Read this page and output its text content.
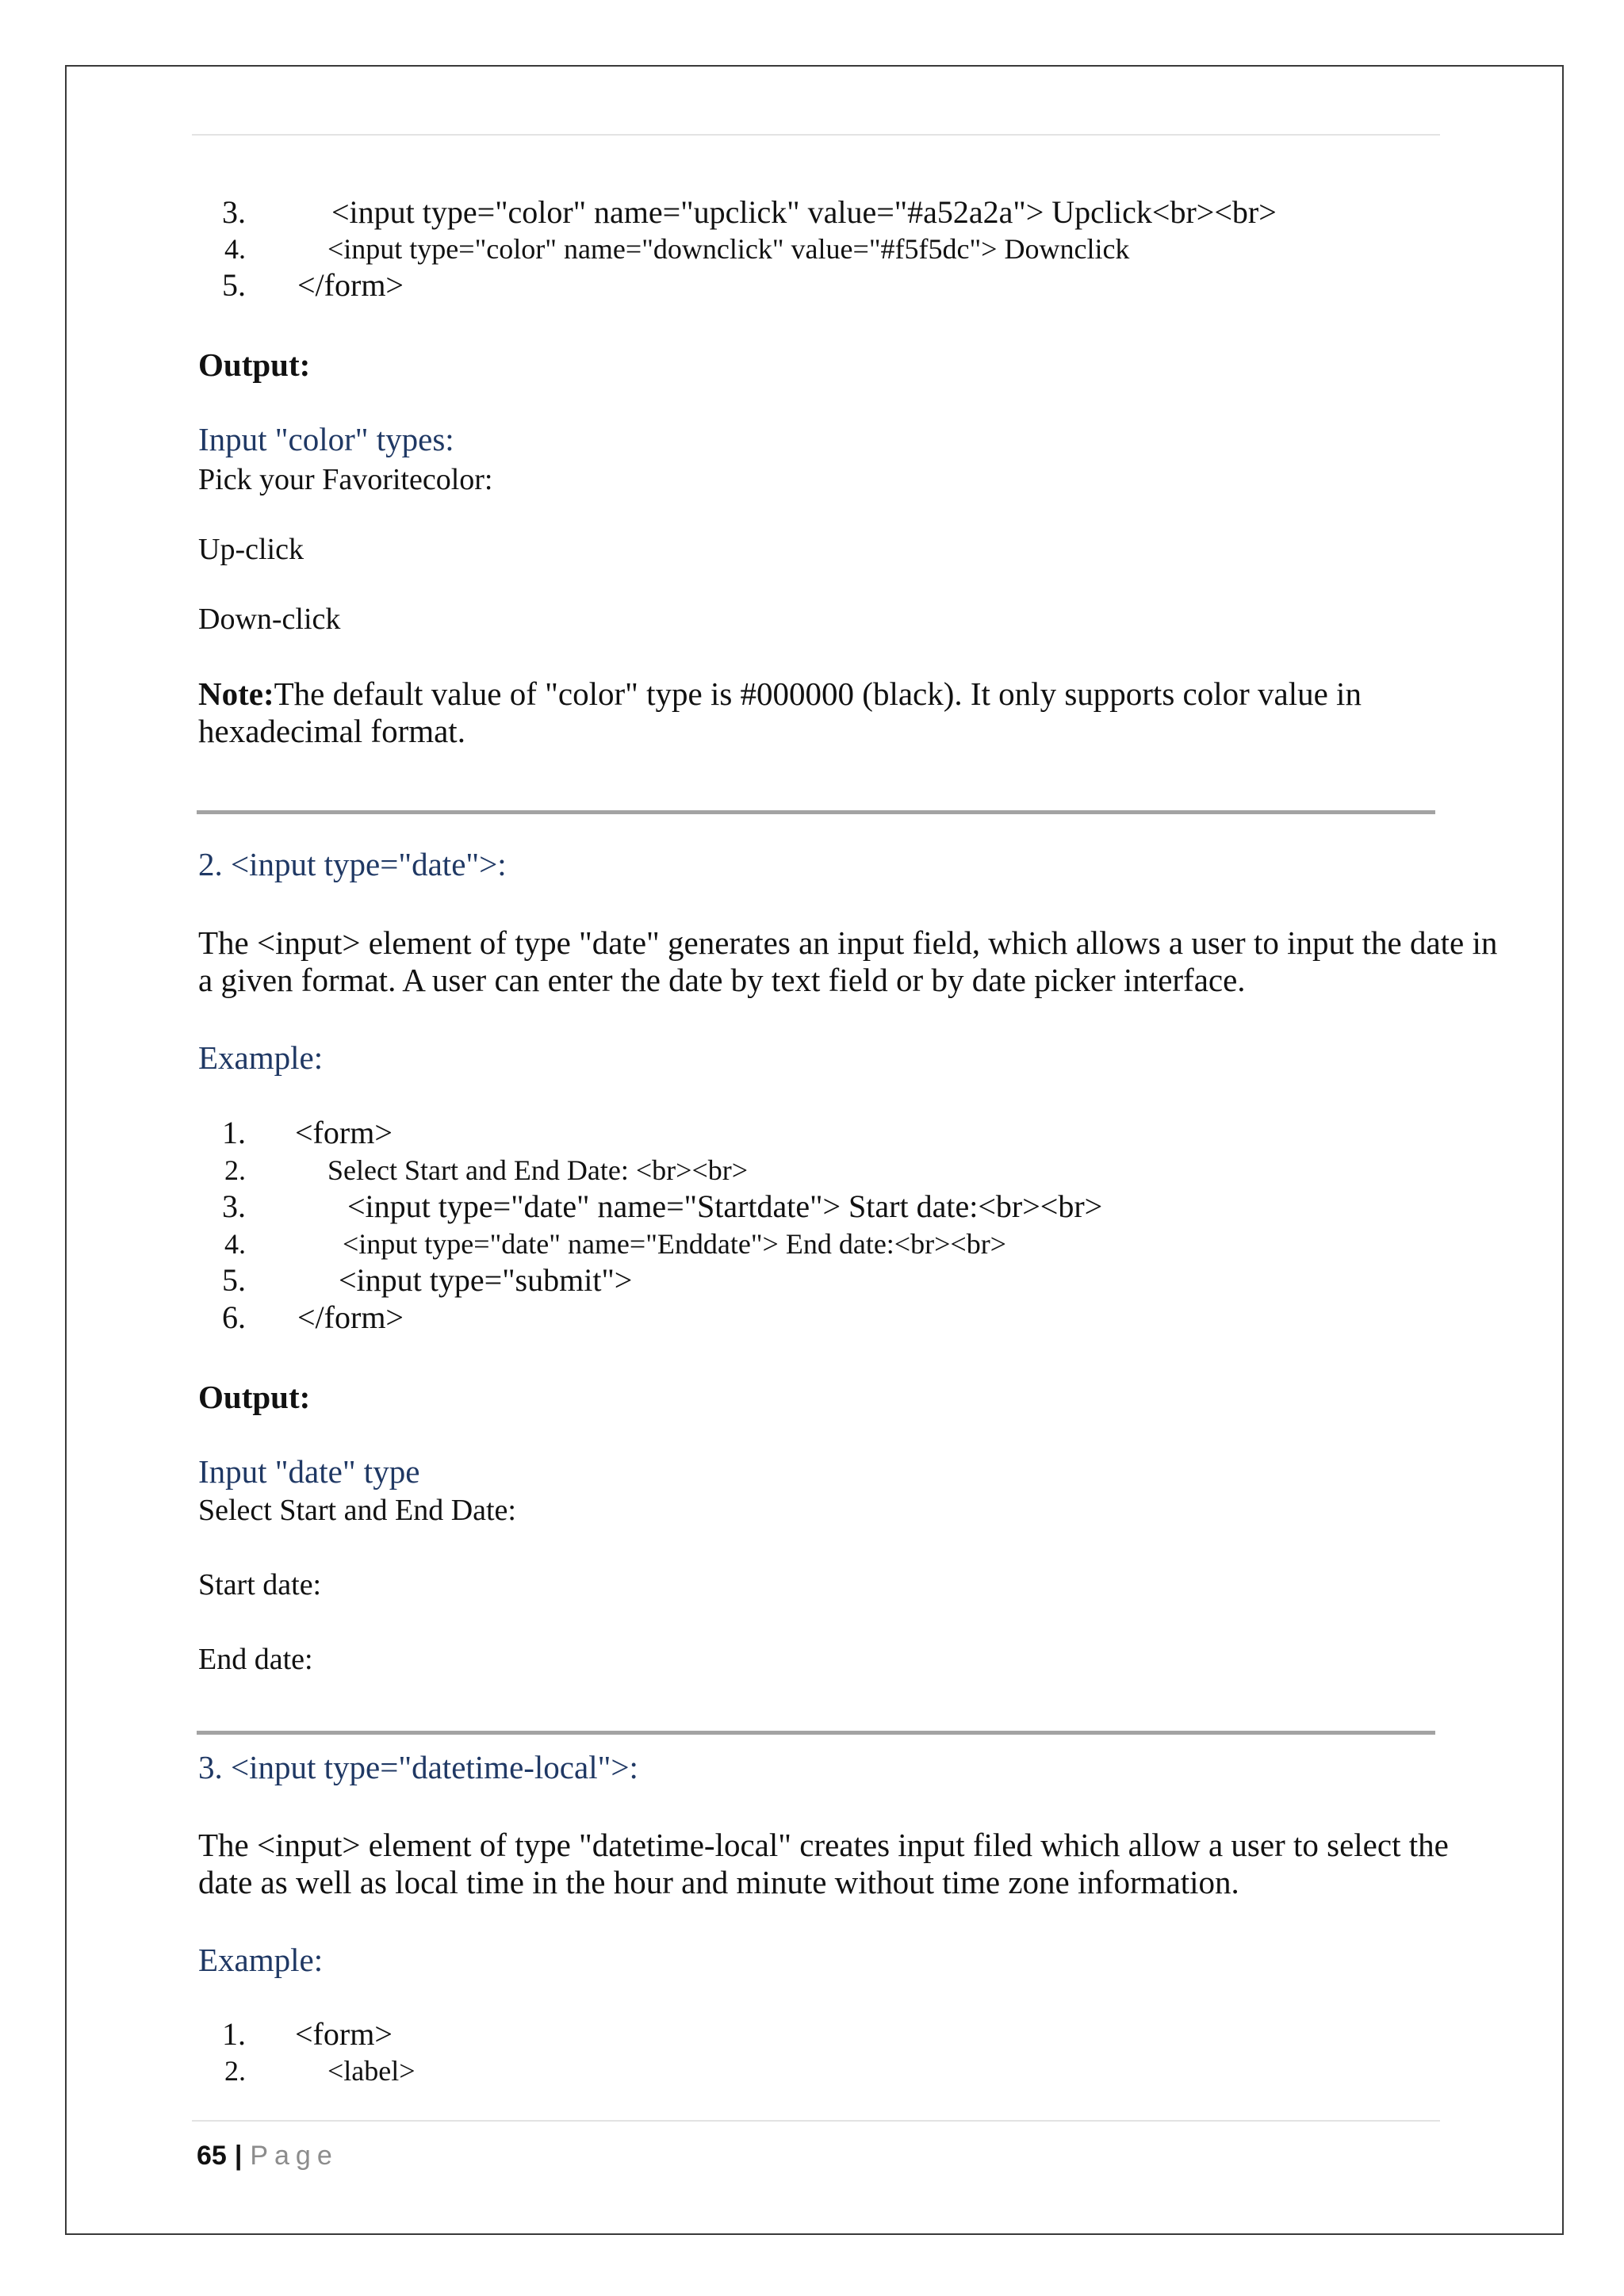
3.	<input type="color" name="upclick" value="#a52a2a"> Upclick<br><br>
4.	<input type="color" name="downclick" value="#f5f5dc"> Downclick
5. </form>
Output:
Input "color" types:
Pick your Favoritecolor:
Up-click
Down-click
Note:The default value of "color" type is #000000 (black). It only supports color value in hexadecimal format.
2. <input type="date">:
The <input> element of type "date" generates an input field, which allows a user to input the date in a given format. A user can enter the date by text field or by date picker interface.
Example:
1. <form>
2.	Select Start and End Date: <br><br>
3.	<input type="date" name="Startdate"> Start date:<br><br>
4.	<input type="date" name="Enddate"> End date:<br><br>
5.	<input type="submit">
6. </form>
Output:
Input "date" type
Select Start and End Date:
Start date:
End date:
3. <input type="datetime-local">:
The <input> element of type "datetime-local" creates input filed which allow a user to select the date as well as local time in the hour and minute without time zone information.
Example:
1. <form>
2.	<label>
65 | Page
